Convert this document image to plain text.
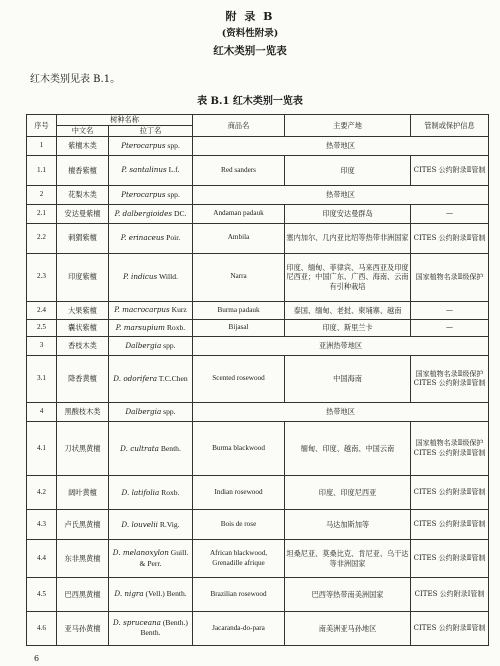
附 录 B
(资料性附录)
红木类别一览表
红木类别见表 B.1。
表 B.1 红木类别一览表
序号	树种名称		商品名	主要产地	管制或保护信息
	中文名	拉丁名			
1	紫檀木类	Pterocarpus spp.	热带地区		
1.1	檀香紫檀	P. santalinus L.f.	Red sanders	印度	CITES 公约附录Ⅱ管制
2	花梨木类	Pterocarpus spp.	热带地区		
2.1	安达曼紫檀	P. dalbergioides DC.	Andaman padauk	印度安达曼群岛	—
2.2	刺猬紫檀	P. erinaceus Poir.	Ambila	塞内加尔、几内亚比绍等热带非洲国家	CITES 公约附录Ⅱ管制
2.3	印度紫檀	P. indicus Willd.	Narra	印度、缅甸、菲律宾、马来西亚及印度尼西亚；中国广东、广西、海南、云南有引种栽培	国家植物名录Ⅱ级保护
2.4	大果紫檀	P. macrocarpus Kurz	Burma padauk	泰国、缅甸、老挝、柬埔寨、越南	—
2.5	囊状紫檀	P. marsupium Roxb.	Bijasal	印度、斯里兰卡	—
3	香枝木类	Dalbergia spp.	亚洲热带地区		
3.1	降香黄檀	D. odorifera T.C.Chen	Scented rosewood	中国海南	国家植物名录Ⅱ级保护 CITES 公约附录Ⅱ管制
4	黑酸枝木类	Dalbergia spp.	热带地区		
4.1	刀状黑黄檀	D. cultrata Benth.	Burma blackwood	缅甸、印度、越南、中国云南	国家植物名录Ⅱ级保护 CITES 公约附录Ⅱ管制
4.2	阔叶黄檀	D. latifolia Roxb.	Indian rosewood	印度、印度尼西亚	CITES 公约附录Ⅱ管制
4.3	卢氏黑黄檀	D. louvelii R.Vig.	Bois de rose	马达加斯加等	CITES 公约附录Ⅱ管制
4.4	东非黑黄檀	D. melanoxylon Guill. & Perr.	African blackwood, Grenadille afrique	坦桑尼亚、莫桑比克、肯尼亚、乌干达等非洲国家	CITES 公约附录Ⅱ管制
4.5	巴西黑黄檀	D. nigra (Vell.) Benth.	Brazilian rosewood	巴西等热带南美洲国家	CITES 公约附录Ⅰ管制
4.6	亚马孙黄檀	D. spruceana (Benth.) Benth.	Jacaranda-do-para	南美洲亚马孙地区	CITES 公约附录Ⅱ管制
6
